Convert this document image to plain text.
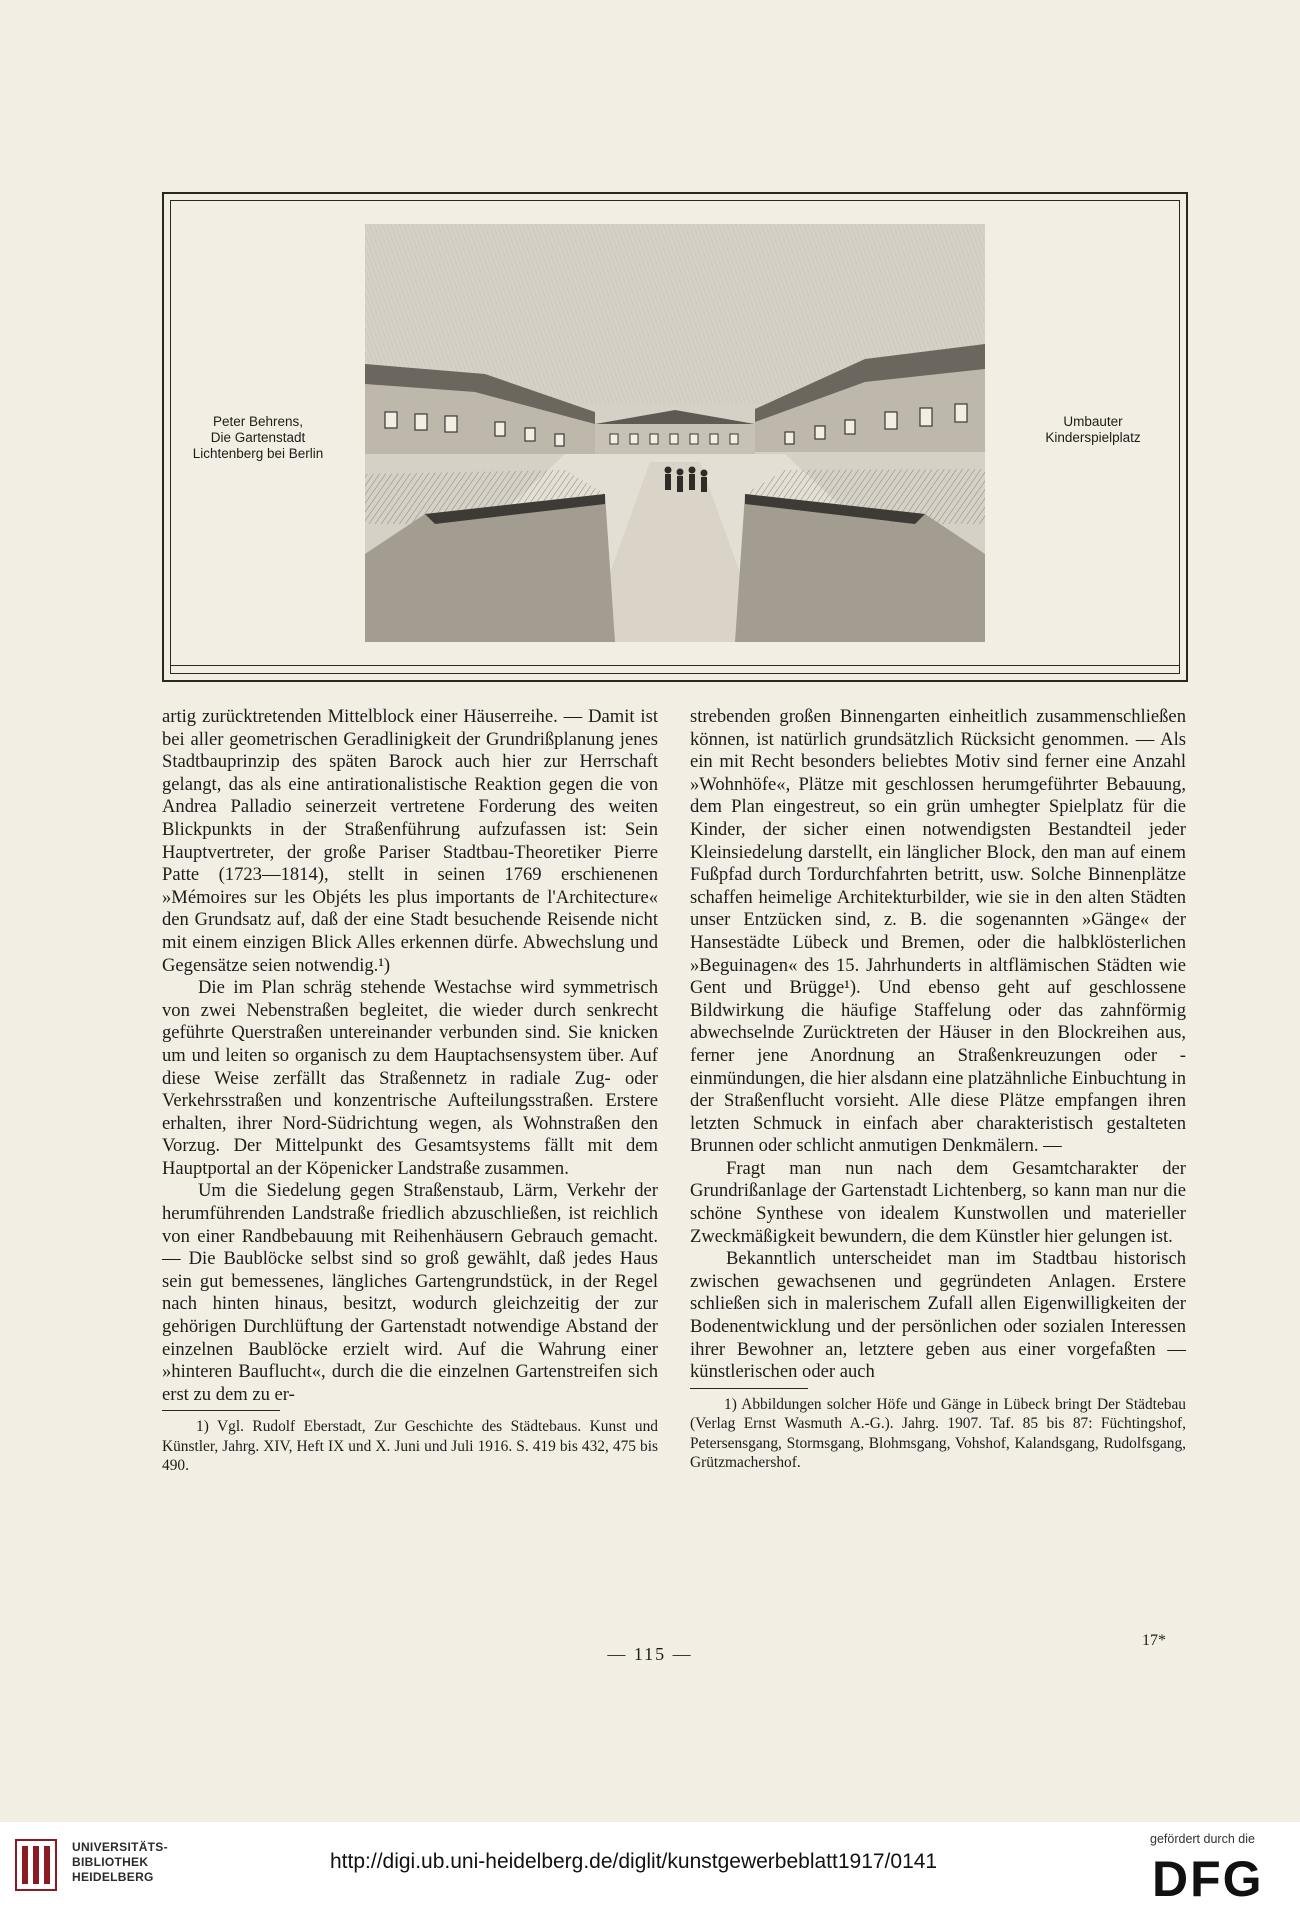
Peter Behrens,
Die Gartenstadt
Lichtenberg bei Berlin
Umbauter
Kinderspielplatz

artig zurücktretenden Mittelblock einer Häuserreihe. — Damit ist bei aller geometrischen Geradlinigkeit der Grundrißplanung jenes Stadtbauprinzip des späten Barock auch hier zur Herrschaft gelangt, das als eine antirationalistische Reaktion gegen die von Andrea Palladio seinerzeit vertretene Forderung des weiten Blickpunkts in der Straßenführung aufzufassen ist: Sein Hauptvertreter, der große Pariser Stadtbau-Theoretiker Pierre Patte (1723—1814), stellt in seinen 1769 erschienenen »Mémoires sur les Objéts les plus importants de l'Architecture« den Grundsatz auf, daß der eine Stadt besuchende Reisende nicht mit einem einzigen Blick Alles erkennen dürfe. Abwechslung und Gegensätze seien notwendig.¹)

Die im Plan schräg stehende Westachse wird symmetrisch von zwei Nebenstraßen begleitet, die wieder durch senkrecht geführte Querstraßen untereinander verbunden sind. Sie knicken um und leiten so organisch zu dem Hauptachsensystem über. Auf diese Weise zerfällt das Straßennetz in radiale Zug- oder Verkehrsstraßen und konzentrische Aufteilungsstraßen. Erstere erhalten, ihrer Nord-Südrichtung wegen, als Wohnstraßen den Vorzug. Der Mittelpunkt des Gesamtsystems fällt mit dem Hauptportal an der Köpenicker Landstraße zusammen.

Um die Siedelung gegen Straßenstaub, Lärm, Verkehr der herumführenden Landstraße friedlich abzuschließen, ist reichlich von einer Randbebauung mit Reihenhäusern Gebrauch gemacht. — Die Baublöcke selbst sind so groß gewählt, daß jedes Haus sein gut bemessenes, längliches Gartengrundstück, in der Regel nach hinten hinaus, besitzt, wodurch gleichzeitig der zur gehörigen Durchlüftung der Gartenstadt notwendige Abstand der einzelnen Baublöcke erzielt wird. Auf die Wahrung einer »hinteren Bauflucht«, durch die die einzelnen Gartenstreifen sich erst zu dem zu er-

1) Vgl. Rudolf Eberstadt, Zur Geschichte des Städtebaus. Kunst und Künstler, Jahrg. XIV, Heft IX und X. Juni und Juli 1916. S. 419 bis 432, 475 bis 490.

strebenden großen Binnengarten einheitlich zusammenschließen können, ist natürlich grundsätzlich Rücksicht genommen. — Als ein mit Recht besonders beliebtes Motiv sind ferner eine Anzahl »Wohnhöfe«, Plätze mit geschlossen herumgeführter Bebauung, dem Plan eingestreut, so ein grün umhegter Spielplatz für die Kinder, der sicher einen notwendigsten Bestandteil jeder Kleinsiedelung darstellt, ein länglicher Block, den man auf einem Fußpfad durch Tordurchfahrten betritt, usw. Solche Binnenplätze schaffen heimelige Architekturbilder, wie sie in den alten Städten unser Entzücken sind, z. B. die sogenannten »Gänge« der Hansestädte Lübeck und Bremen, oder die halbklösterlichen »Beguinagen« des 15. Jahrhunderts in altflämischen Städten wie Gent und Brügge¹). Und ebenso geht auf geschlossene Bildwirkung die häufige Staffelung oder das zahnförmig abwechselnde Zurücktreten der Häuser in den Blockreihen aus, ferner jene Anordnung an Straßenkreuzungen oder -einmündungen, die hier alsdann eine platzähnliche Einbuchtung in der Straßenflucht vorsieht. Alle diese Plätze empfangen ihren letzten Schmuck in einfach aber charakteristisch gestalteten Brunnen oder schlicht anmutigen Denkmälern. —

Fragt man nun nach dem Gesamtcharakter der Grundrißanlage der Gartenstadt Lichtenberg, so kann man nur die schöne Synthese von idealem Kunstwollen und materieller Zweckmäßigkeit bewundern, die dem Künstler hier gelungen ist.

Bekanntlich unterscheidet man im Stadtbau historisch zwischen gewachsenen und gegründeten Anlagen. Erstere schließen sich in malerischem Zufall allen Eigenwilligkeiten der Bodenentwicklung und der persönlichen oder sozialen Interessen ihrer Bewohner an, letztere geben aus einer vorgefaßten — künstlerischen oder auch

1) Abbildungen solcher Höfe und Gänge in Lübeck bringt Der Städtebau (Verlag Ernst Wasmuth A.-G.). Jahrg. 1907. Taf. 85 bis 87: Füchtingshof, Petersensgang, Stormsgang, Blohmsgang, Vohshof, Kalandsgang, Rudolfsgang, Grützmachershof.

17*
— 115 —
UNIVERSITÄTS-
BIBLIOTHEK
HEIDELBERG
http://digi.ub.uni-heidelberg.de/diglit/kunstgewerbeblatt1917/0141
gefördert durch die
DFG
